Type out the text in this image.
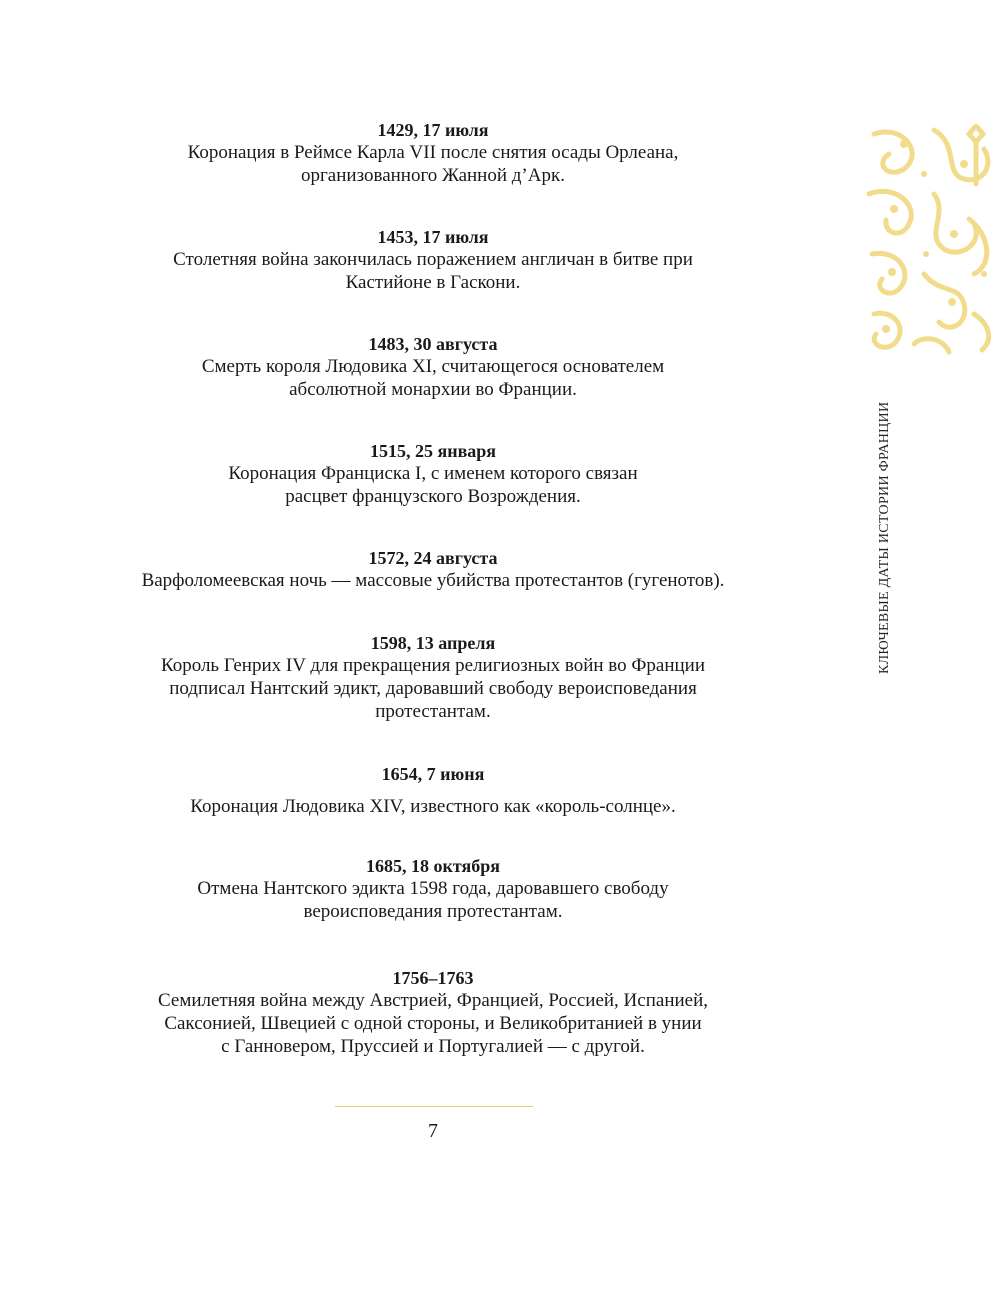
1429, 17 июля
Коронация в Реймсе Карла VII после снятия осады Орлеана,
организованного Жанной д’Арк.
1453, 17 июля
Столетняя война закончилась поражением англичан в битве при
Кастийоне в Гаскони.
1483, 30 августа
Смерть короля Людовика XI, считающегося основателем
абсолютной монархии во Франции.
1515, 25 января
Коронация Франциска I, с именем которого связан
расцвет французского Возрождения.
1572, 24 августа
Варфоломеевская ночь — массовые убийства протестантов (гугенотов).
1598, 13 апреля
Король Генрих IV для прекращения религиозных войн во Франции
подписал Нантский эдикт, даровавший свободу вероисповедания
протестантам.
1654, 7 июня
Коронация Людовика XIV, известного как «король-солнце».
1685, 18 октября
Отмена Нантского эдикта 1598 года, даровавшего свободу
вероисповедания протестантам.
1756–1763
Семилетняя война между Австрией, Францией, Россией, Испанией,
Саксонией, Швецией с одной стороны, и Великобританией в унии
с Ганновером, Пруссией и Португалией — с другой.
КЛЮЧЕВЫЕ ДАТЫ ИСТОРИИ ФРАНЦИИ
7
